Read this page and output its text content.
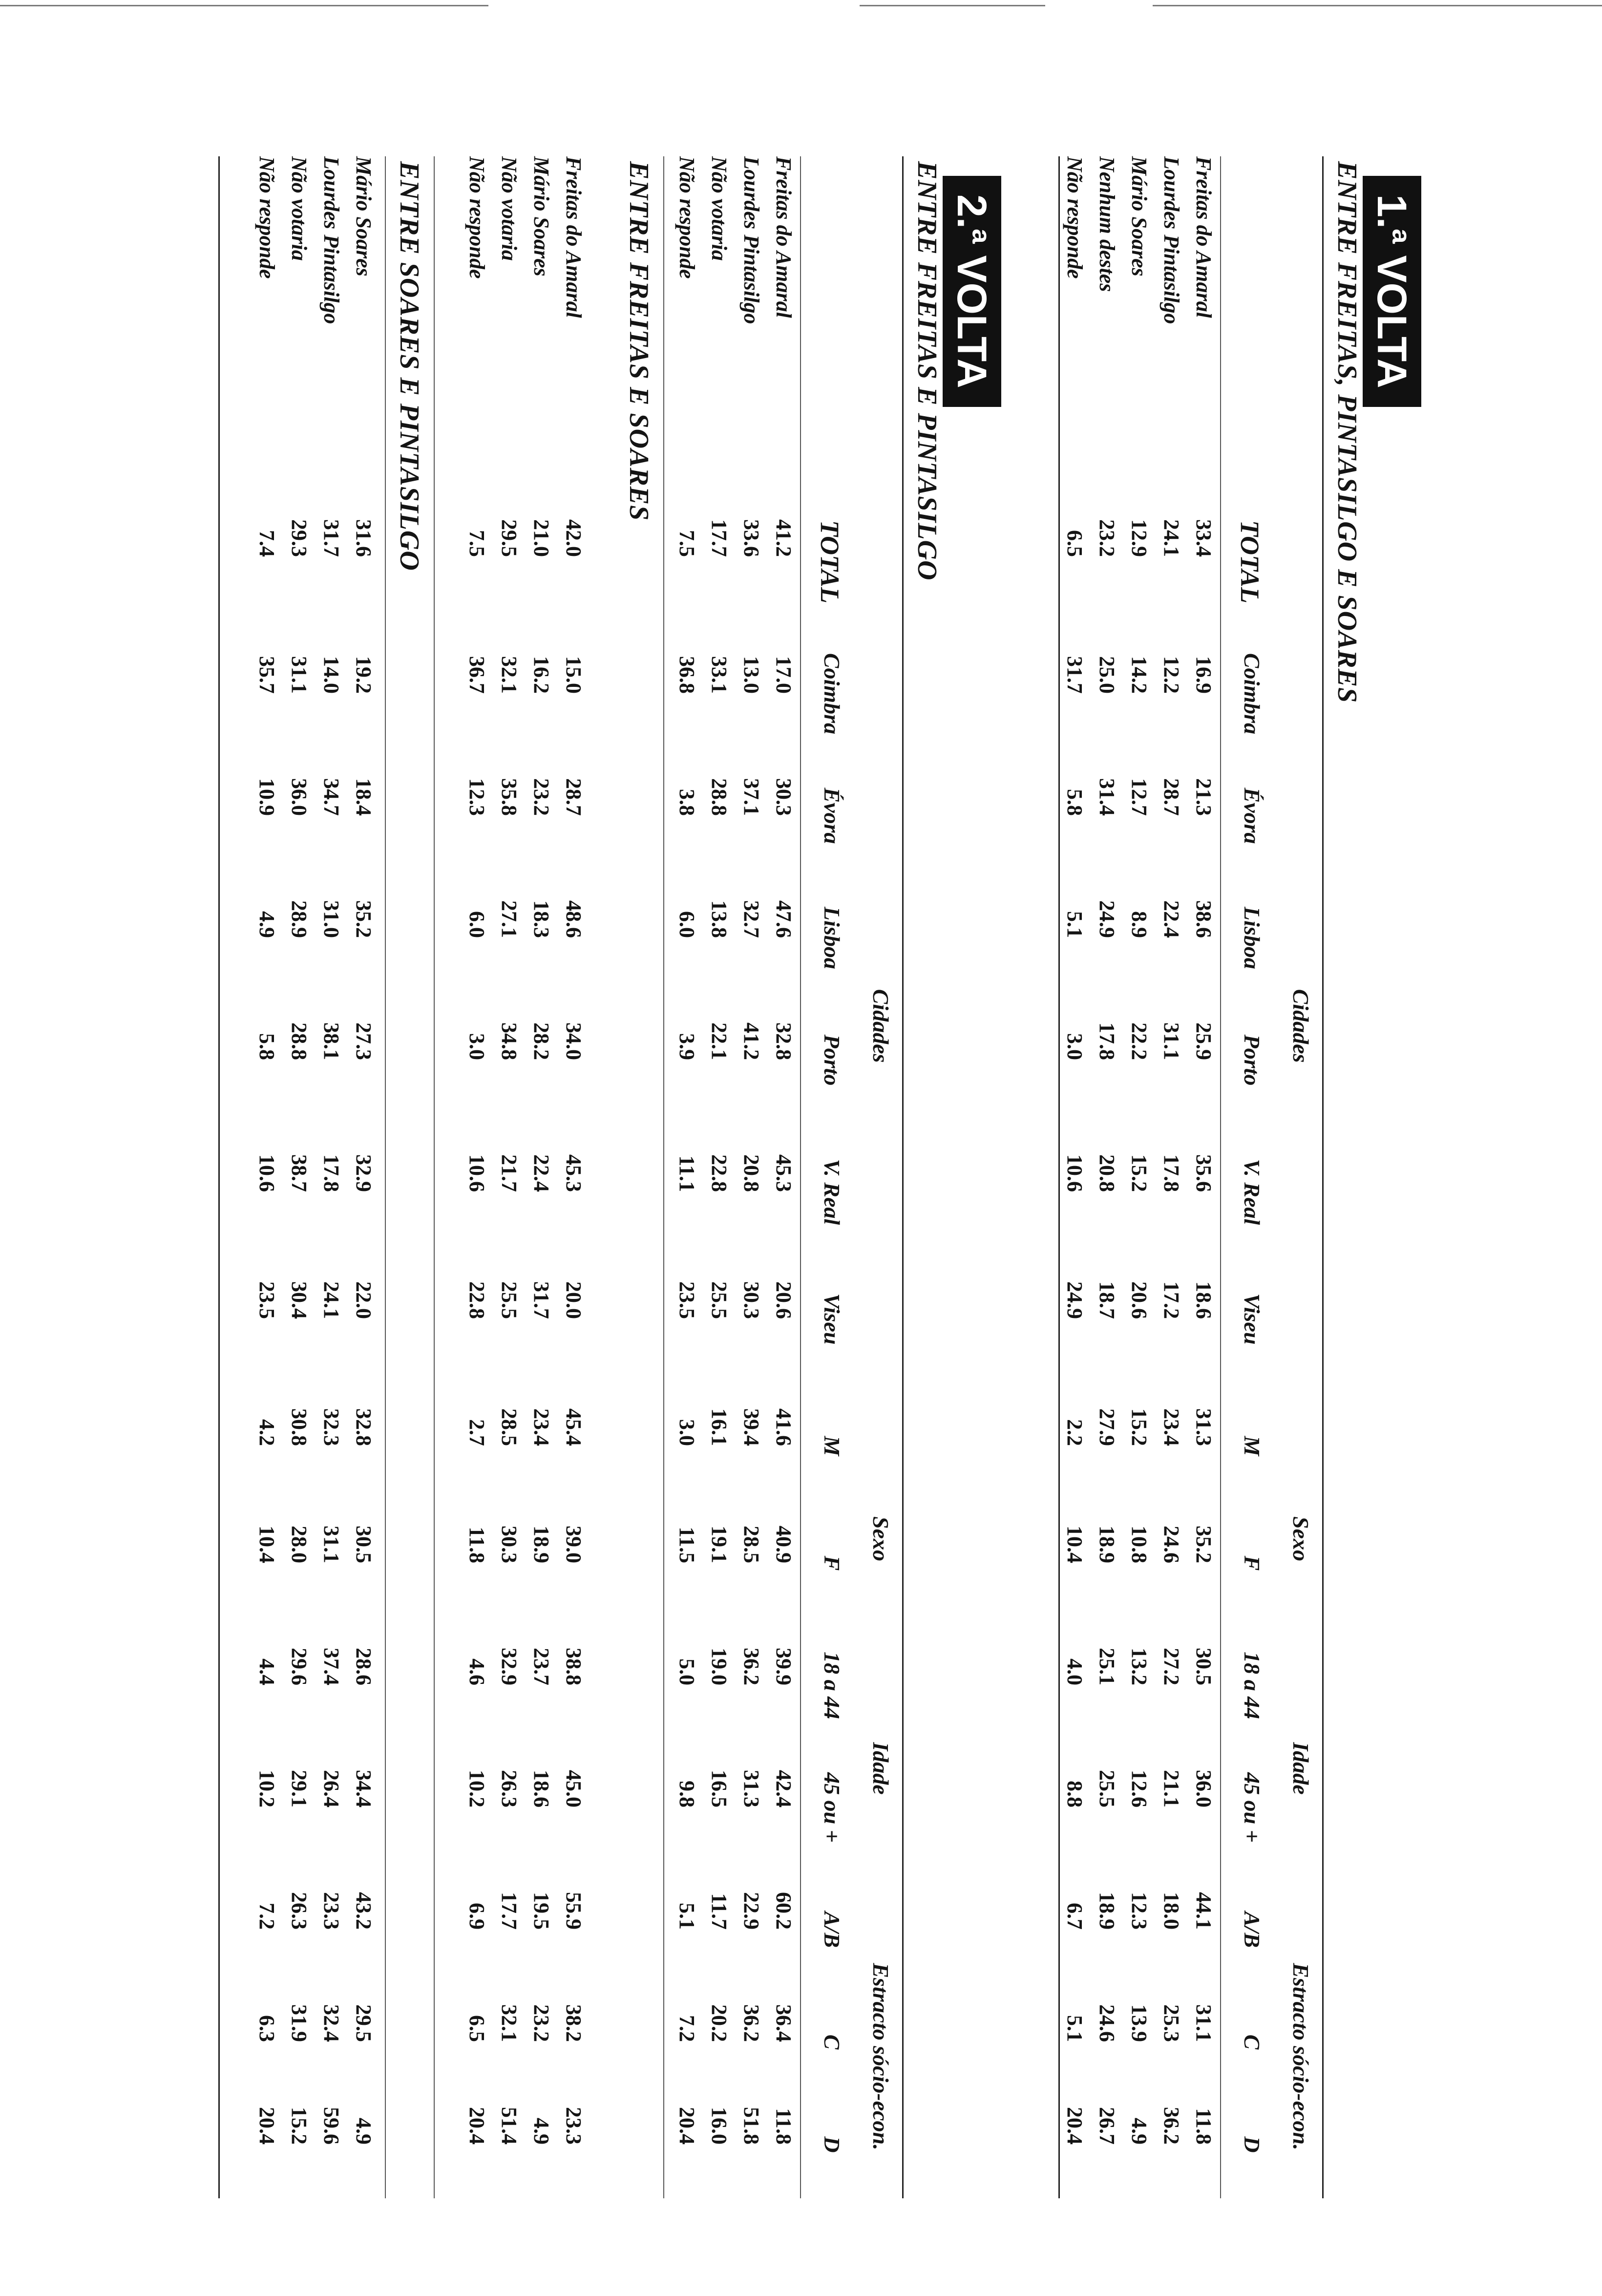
1.ª VOLTA
ENTRE FREITAS, PINTASILGO E SOARES
TOTAL
Cidades
Sexo
Idade
Estracto sócio-econ.
Coimbra
Évora
Lisboa
Porto
V. Real
Viseu
M
F
18 a 44
45 ou +
A/B
C
D
Freitas do Amaral
33.4
16.9
21.3
38.6
25.9
35.6
18.6
31.3
35.2
30.5
36.0
44.1
31.1
11.8
Lourdes Pintasilgo
24.1
12.2
28.7
22.4
31.1
17.8
17.2
23.4
24.6
27.2
21.1
18.0
25.3
36.2
Mário Soares
12.9
14.2
12.7
8.9
22.2
15.2
20.6
15.2
10.8
13.2
12.6
12.3
13.9
4.9
Nenhum destes
23.2
25.0
31.4
24.9
17.8
20.8
18.7
27.9
18.9
25.1
25.5
18.9
24.6
26.7
Não responde
6.5
31.7
5.8
5.1
3.0
10.6
24.9
2.2
10.4
4.0
8.8
6.7
5.1
20.4
2.ª VOLTA
ENTRE FREITAS E PINTASILGO
TOTAL
Cidades
Sexo
Idade
Estracto sócio-econ.
Coimbra
Évora
Lisboa
Porto
V. Real
Viseu
M
F
18 a 44
45 ou +
A/B
C
D
Freitas do Amaral
41.2
17.0
30.3
47.6
32.8
45.3
20.6
41.6
40.9
39.9
42.4
60.2
36.4
11.8
Lourdes Pintasilgo
33.6
13.0
37.1
32.7
41.2
20.8
30.3
39.4
28.5
36.2
31.3
22.9
36.2
51.8
Não votaria
17.7
33.1
28.8
13.8
22.1
22.8
25.5
16.1
19.1
19.0
16.5
11.7
20.2
16.0
Não responde
7.5
36.8
3.8
6.0
3.9
11.1
23.5
3.0
11.5
5.0
9.8
5.1
7.2
20.4
ENTRE FREITAS E SOARES
Freitas do Amaral
42.0
15.0
28.7
48.6
34.0
45.3
20.0
45.4
39.0
38.8
45.0
55.9
38.2
23.3
Mário Soares
21.0
16.2
23.2
18.3
28.2
22.4
31.7
23.4
18.9
23.7
18.6
19.5
23.2
4.9
Não votaria
29.5
32.1
35.8
27.1
34.8
21.7
25.5
28.5
30.3
32.9
26.3
17.7
32.1
51.4
Não responde
7.5
36.7
12.3
6.0
3.0
10.6
22.8
2.7
11.8
4.6
10.2
6.9
6.5
20.4
ENTRE SOARES E PINTASILGO
Mário Soares
31.6
19.2
18.4
35.2
27.3
32.9
22.0
32.8
30.5
28.6
34.4
43.2
29.5
4.9
Lourdes Pintasilgo
31.7
14.0
34.7
31.0
38.1
17.8
24.1
32.3
31.1
37.4
26.4
23.3
32.4
59.6
Não votaria
29.3
31.1
36.0
28.9
28.8
38.7
30.4
30.8
28.0
29.6
29.1
26.3
31.9
15.2
Não responde
7.4
35.7
10.9
4.9
5.8
10.6
23.5
4.2
10.4
4.4
10.2
7.2
6.3
20.4
